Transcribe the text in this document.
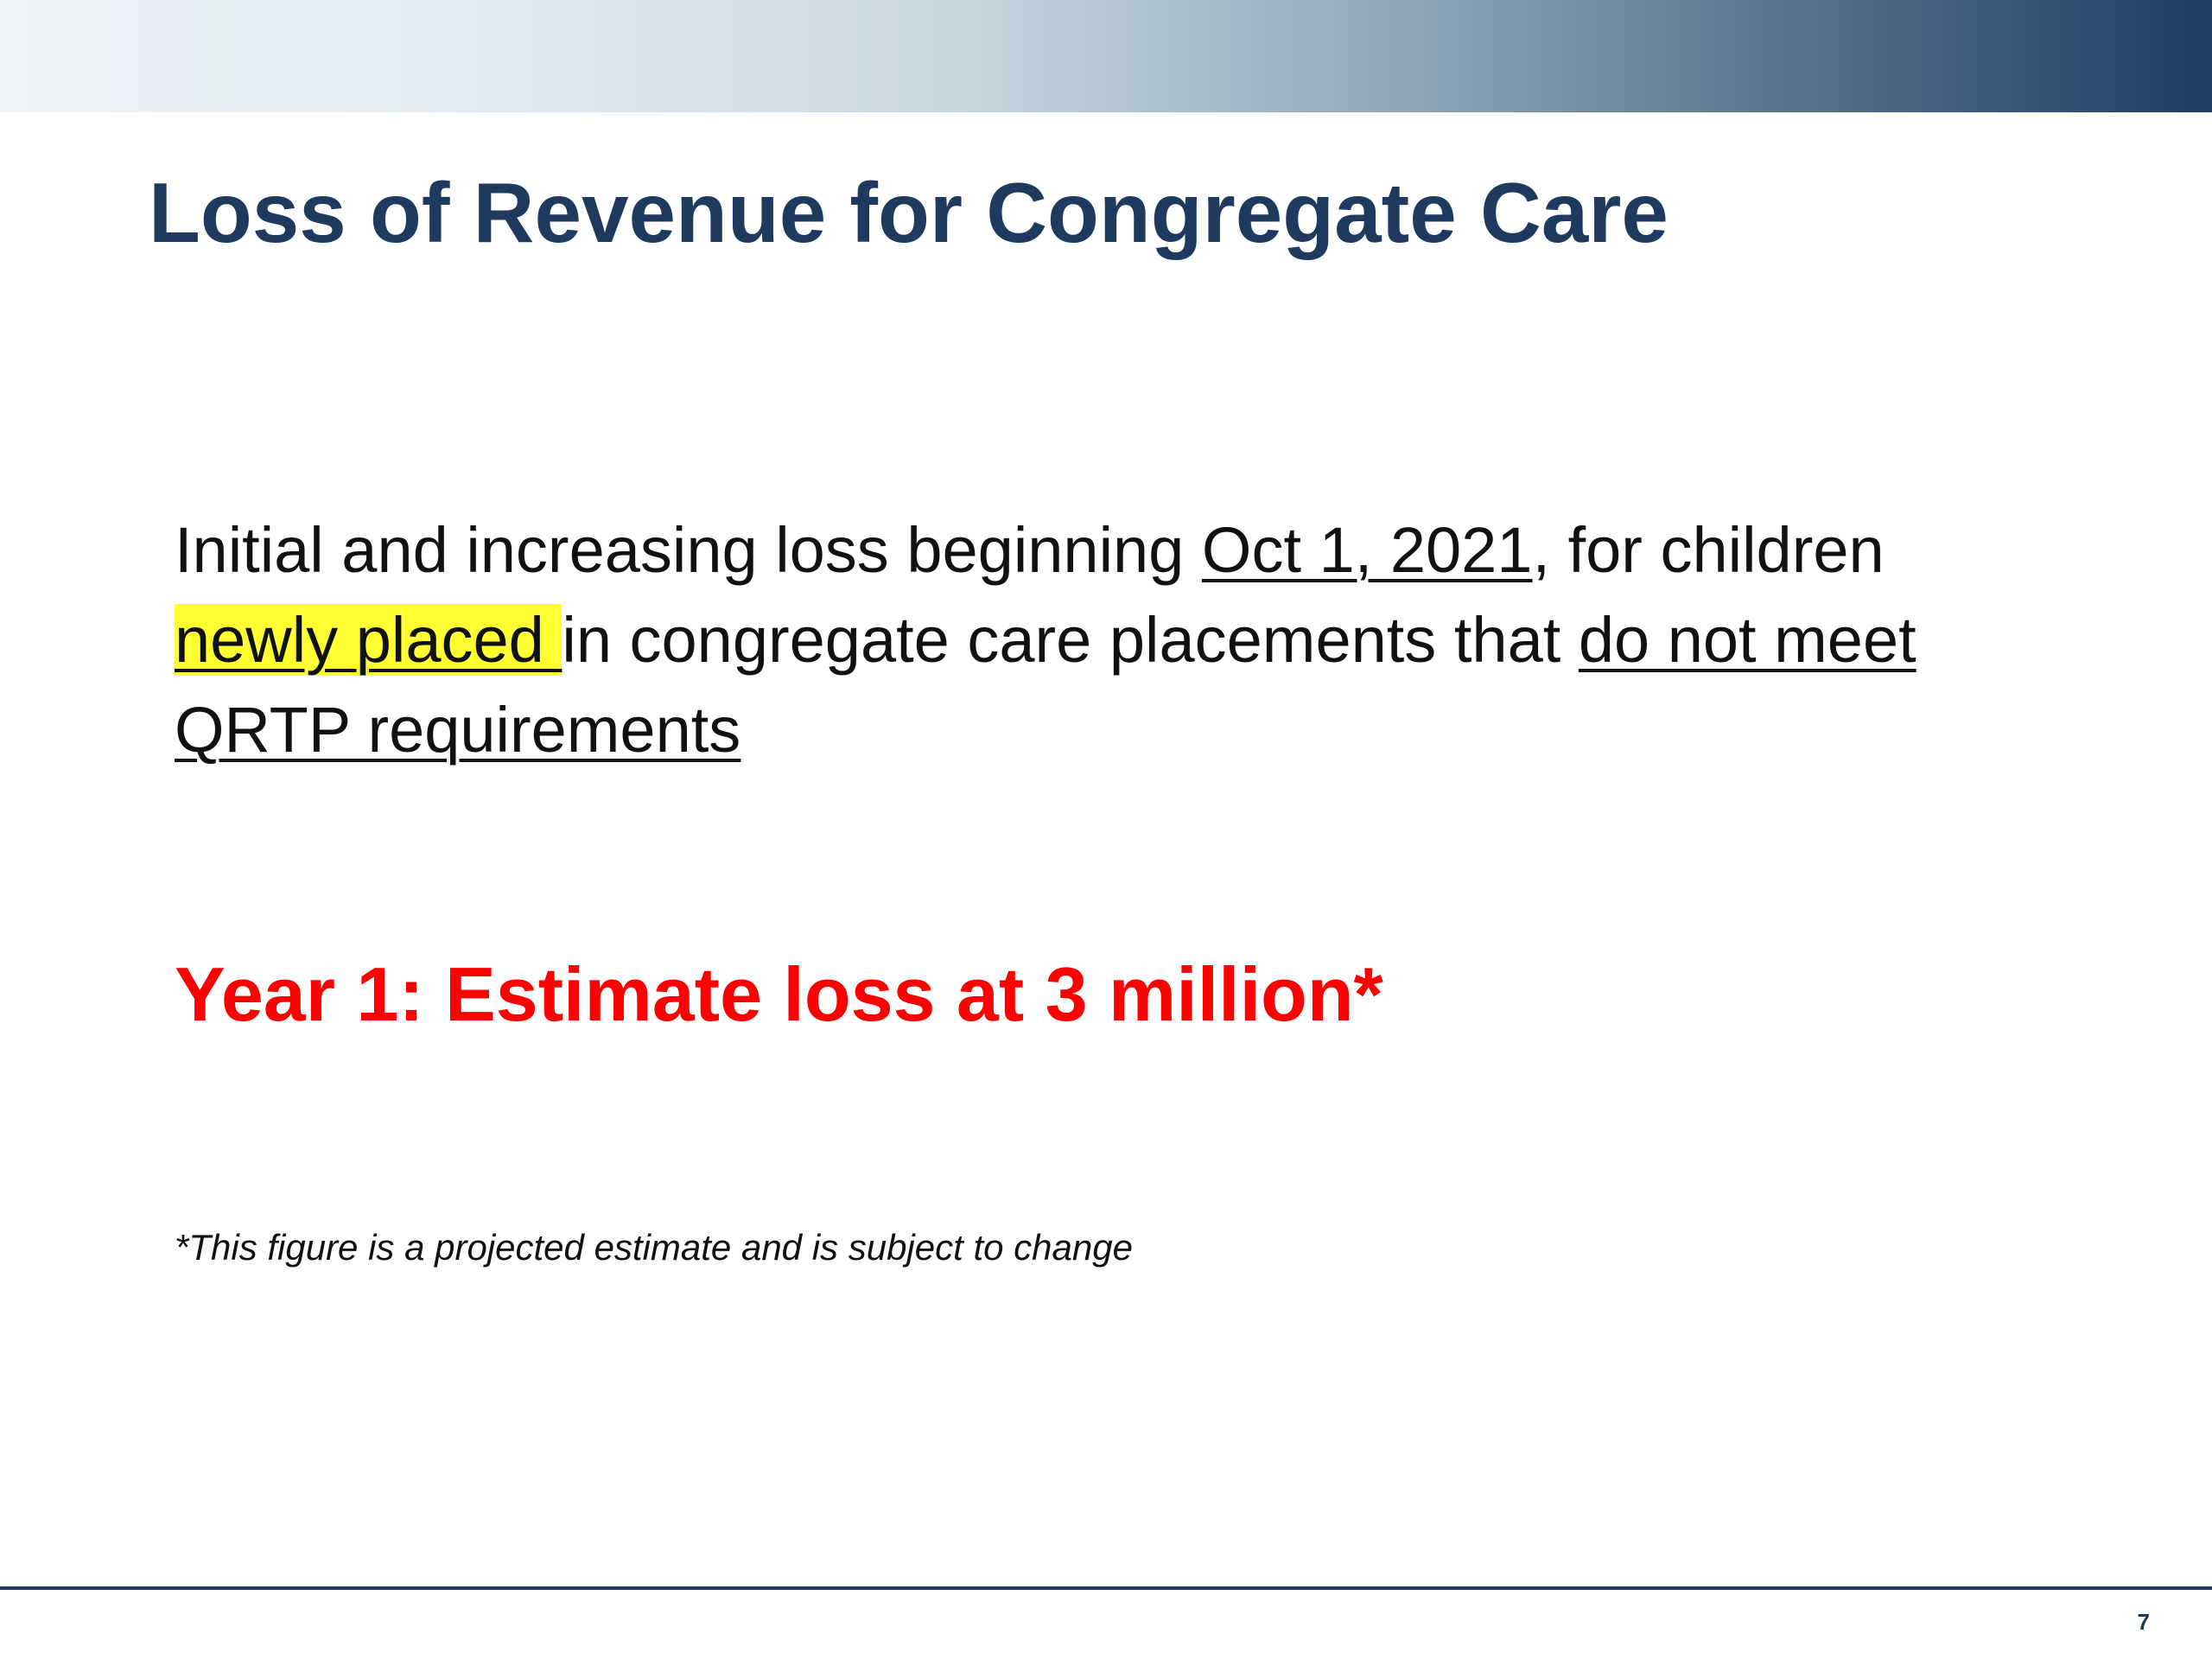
Loss of Revenue for Congregate Care

Initial and increasing loss beginning Oct 1, 2021, for children
newly placed in congregate care placements that do not meet QRTP requirements

Year 1: Estimate loss at 3 million*

*This figure is a projected estimate and is subject to change

7
